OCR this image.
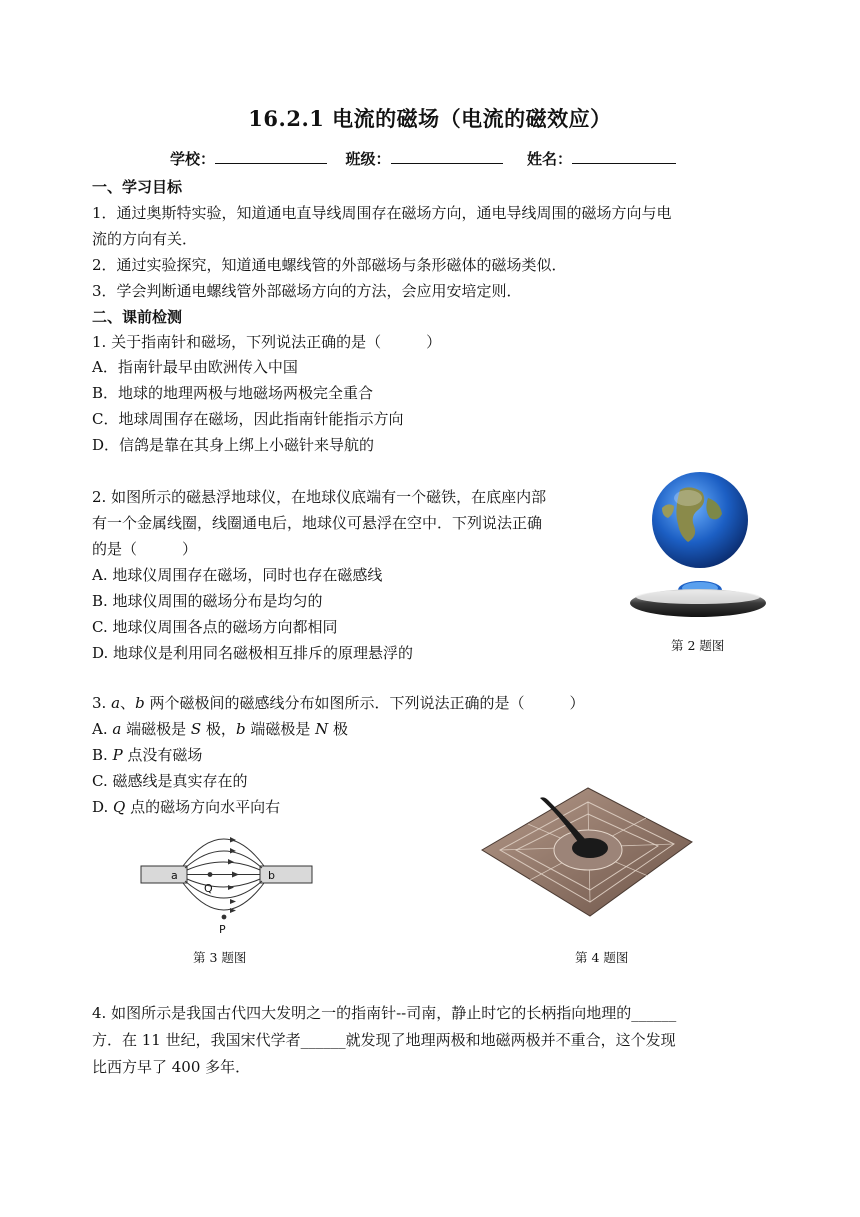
16.2.1 电流的磁场（电流的磁效应）
学校：	班级：	姓名：
一、学习目标
1．通过奥斯特实验，知道通电直导线周围存在磁场方向，通电导线周围的磁场方向与电
流的方向有关．
2．通过实验探究，知道通电螺线管的外部磁场与条形磁体的磁场类似．
3．学会判断通电螺线管外部磁场方向的方法，会应用安培定则．
二、课前检测
1. 关于指南针和磁场，下列说法正确的是（　　　）
A．指南针最早由欧洲传入中国
B．地球的地理两极与地磁场两极完全重合
C．地球周围存在磁场，因此指南针能指示方向
D．信鸽是靠在其身上绑上小磁针来导航的
2. 如图所示的磁悬浮地球仪，在地球仪底端有一个磁铁，在底座内部
有一个金属线圈，线圈通电后，地球仪可悬浮在空中．下列说法正确
的是（　　　）
A. 地球仪周围存在磁场，同时也存在磁感线
B. 地球仪周围的磁场分布是均匀的
C. 地球仪周围各点的磁场方向都相同
D. 地球仪是利用同名磁极相互排斥的原理悬浮的	第 2 题图
3. a、b 两个磁极间的磁感线分布如图所示．下列说法正确的是（　　　）
A. a 端磁极是 S 极，b 端磁极是 N 极
B. P 点没有磁场
C. 磁感线是真实存在的
D. Q 点的磁场方向水平向右
a	b
Q
P
第 3 题图	第 4 题图
4. 如图所示是我国古代四大发明之一的指南针--司南，静止时它的长柄指向地理的______
方．在 11 世纪，我国宋代学者______就发现了地理两极和地磁两极并不重合，这个发现
比西方早了 400 多年．
